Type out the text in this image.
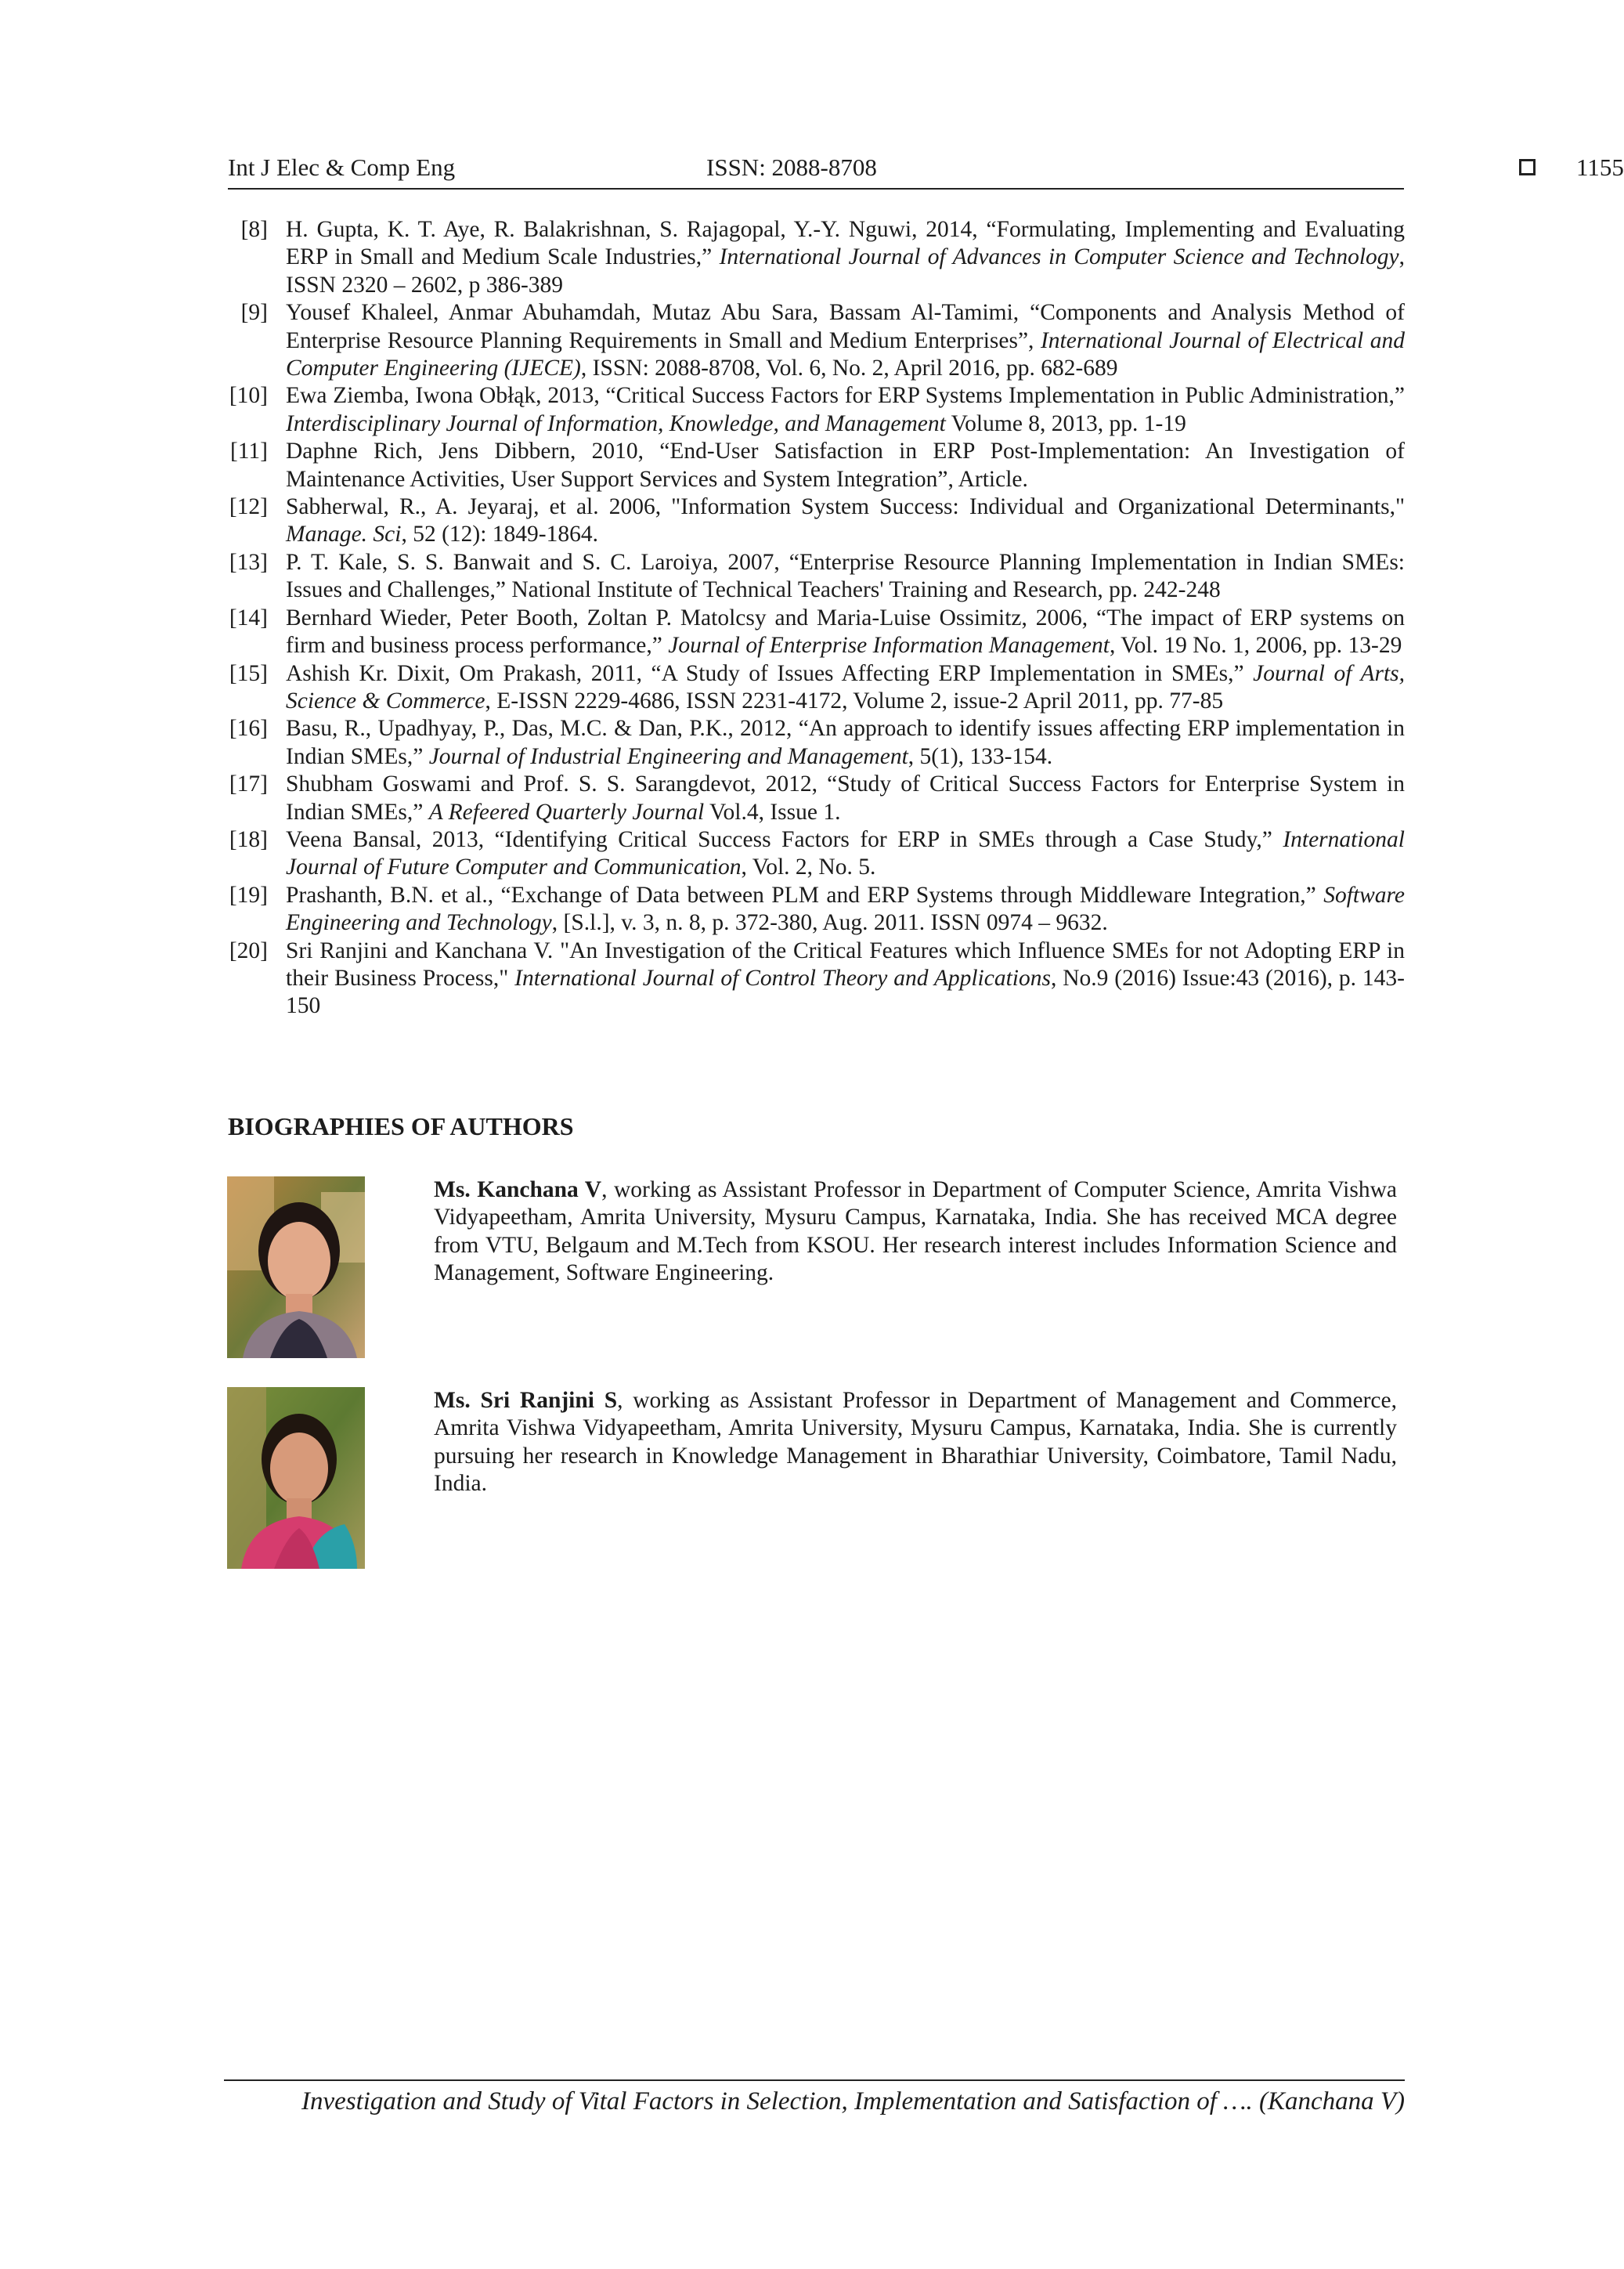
Int J Elec & Comp Eng	ISSN: 2088-8708	1155
[8] H. Gupta, K. T. Aye, R. Balakrishnan, S. Rajagopal, Y.-Y. Nguwi, 2014, “Formulating, Implementing and Evaluating ERP in Small and Medium Scale Industries,” International Journal of Advances in Computer Science and Technology, ISSN 2320 – 2602, p 386-389
[9] Yousef Khaleel, Anmar Abuhamdah, Mutaz Abu Sara, Bassam Al-Tamimi, “Components and Analysis Method of Enterprise Resource Planning Requirements in Small and Medium Enterprises”, International Journal of Electrical and Computer Engineering (IJECE), ISSN: 2088-8708, Vol. 6, No. 2, April 2016, pp. 682-689
[10] Ewa Ziemba, Iwona Obłąk, 2013, “Critical Success Factors for ERP Systems Implementation in Public Administration,” Interdisciplinary Journal of Information, Knowledge, and Management Volume 8, 2013, pp. 1-19
[11] Daphne Rich, Jens Dibbern, 2010, “End-User Satisfaction in ERP Post-Implementation: An Investigation of Maintenance Activities, User Support Services and System Integration”, Article.
[12] Sabherwal, R., A. Jeyaraj, et al. 2006, "Information System Success: Individual and Organizational Determinants," Manage. Sci, 52 (12): 1849-1864.
[13] P. T. Kale, S. S. Banwait and S. C. Laroiya, 2007, “Enterprise Resource Planning Implementation in Indian SMEs: Issues and Challenges,” National Institute of Technical Teachers' Training and Research, pp. 242-248
[14] Bernhard Wieder, Peter Booth, Zoltan P. Matolcsy and Maria-Luise Ossimitz, 2006, “The impact of ERP systems on firm and business process performance,” Journal of Enterprise Information Management, Vol. 19 No. 1, 2006, pp. 13-29
[15] Ashish Kr. Dixit, Om Prakash, 2011, “A Study of Issues Affecting ERP Implementation in SMEs,” Journal of Arts, Science & Commerce, E-ISSN 2229-4686, ISSN 2231-4172, Volume 2, issue-2 April 2011, pp. 77-85
[16] Basu, R., Upadhyay, P., Das, M.C. & Dan, P.K., 2012, “An approach to identify issues affecting ERP implementation in Indian SMEs,” Journal of Industrial Engineering and Management, 5(1), 133-154.
[17] Shubham Goswami and Prof. S. S. Sarangdevot, 2012, “Study of Critical Success Factors for Enterprise System in Indian SMEs,” A Refeered Quarterly Journal Vol.4, Issue 1.
[18] Veena Bansal, 2013, “Identifying Critical Success Factors for ERP in SMEs through a Case Study,” International Journal of Future Computer and Communication, Vol. 2, No. 5.
[19] Prashanth, B.N. et al., “Exchange of Data between PLM and ERP Systems through Middleware Integration,” Software Engineering and Technology, [S.l.], v. 3, n. 8, p. 372-380, Aug. 2011. ISSN 0974 – 9632.
[20] Sri Ranjini and Kanchana V. "An Investigation of the Critical Features which Influence SMEs for not Adopting ERP in their Business Process," International Journal of Control Theory and Applications, No.9 (2016) Issue:43 (2016), p. 143-150
BIOGRAPHIES OF AUTHORS
Ms. Kanchana V, working as Assistant Professor in Department of Computer Science, Amrita Vishwa Vidyapeetham, Amrita University, Mysuru Campus, Karnataka, India. She has received MCA degree from VTU, Belgaum and M.Tech from KSOU. Her research interest includes Information Science and Management, Software Engineering.
Ms. Sri Ranjini S, working as Assistant Professor in Department of Management and Commerce, Amrita Vishwa Vidyapeetham, Amrita University, Mysuru Campus, Karnataka, India. She is currently pursuing her research in Knowledge Management in Bharathiar University, Coimbatore, Tamil Nadu, India.
Investigation and Study of Vital Factors in Selection, Implementation and Satisfaction of …. (Kanchana V)
